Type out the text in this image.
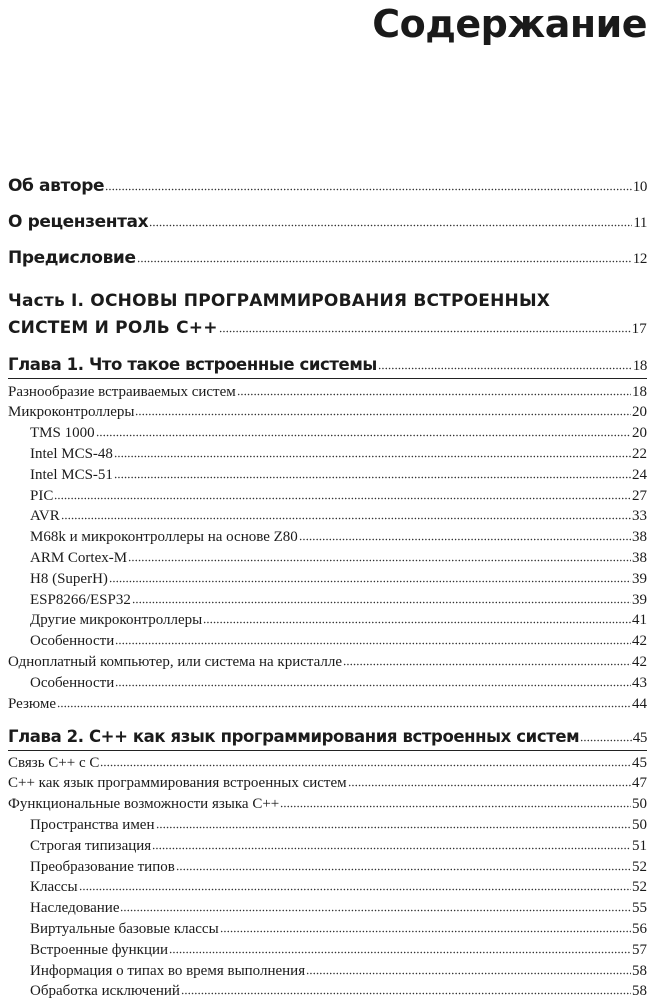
Содержание
Об авторе	10
О рецензентах	11
Предисловие	12
Часть I. ОСНОВЫ ПРОГРАММИРОВАНИЯ ВСТРОЕННЫХ
СИСТЕМ И РОЛЬ C++	17
Глава 1. Что такое встроенные системы	18
Разнообразие встраиваемых систем	18
Микроконтроллеры	20
TMS 1000	20
Intel MCS-48	22
Intel MCS-51	24
PIC	27
AVR	33
M68k и микроконтроллеры на основе Z80	38
ARM Cortex-M	38
H8 (SuperH)	39
ESP8266/ESP32	39
Другие микроконтроллеры	41
Особенности	42
Одноплатный компьютер, или система на кристалле	42
Особенности	43
Резюме	44
Глава 2. C++ как язык программирования встроенных систем	45
Связь C++ с C	45
C++ как язык программирования встроенных систем	47
Функциональные возможности языка C++	50
Пространства имен	50
Строгая типизация	51
Преобразование типов	52
Классы	52
Наследование	55
Виртуальные базовые классы	56
Встроенные функции	57
Информация о типах во время выполнения	58
Обработка исключений	58
